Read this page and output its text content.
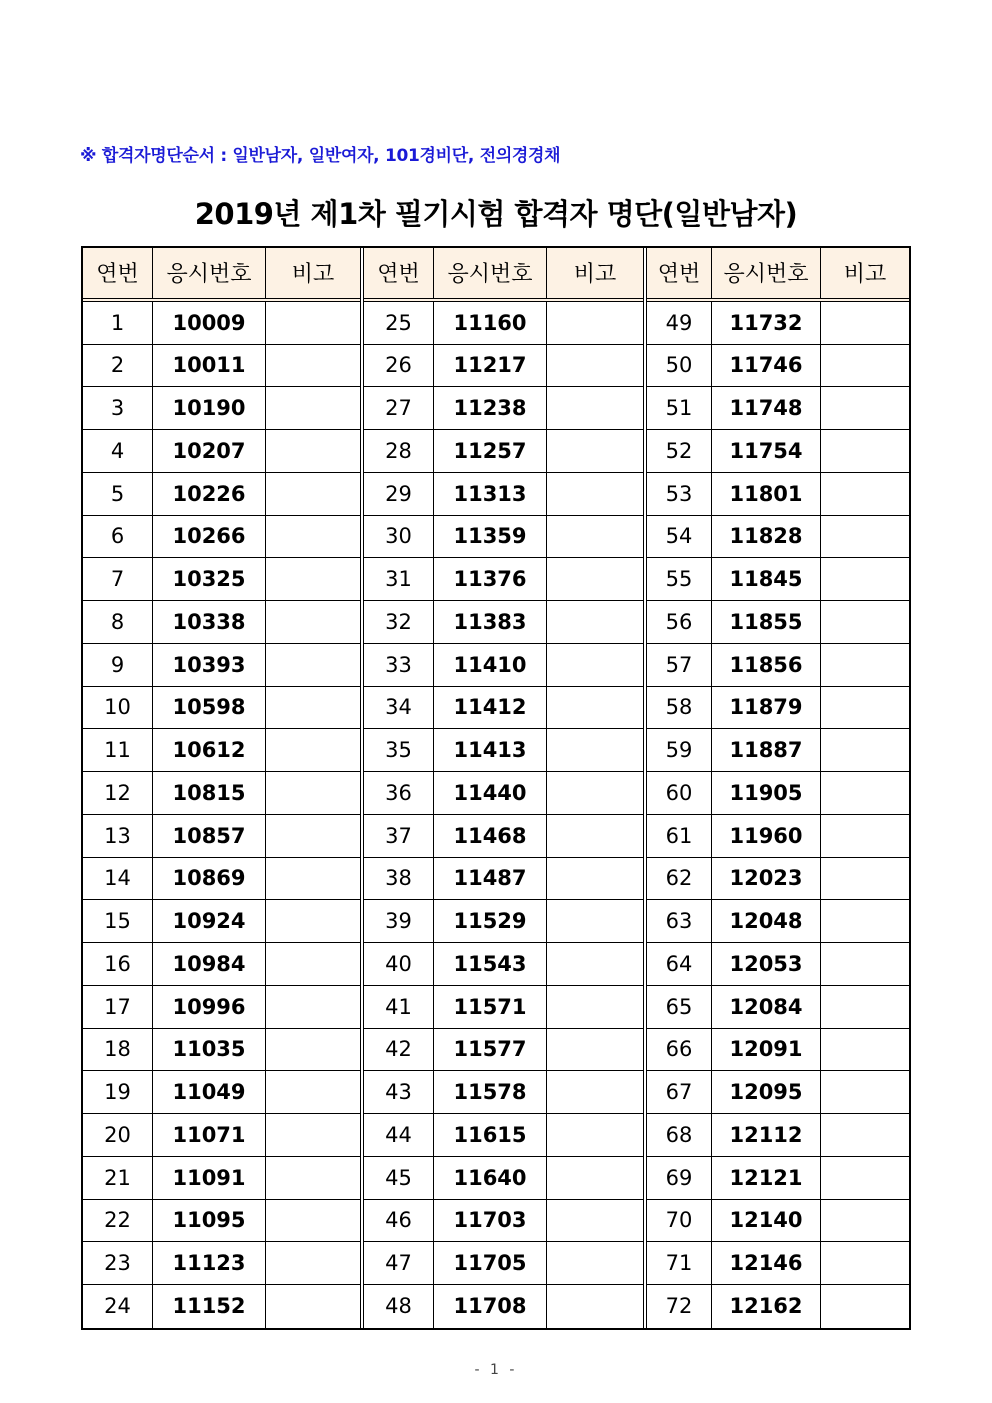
※ 합격자명단순서 : 일반남자, 일반여자, 101경비단, 전의경경채
2019년 제1차 필기시험 합격자 명단(일반남자)
연번	응시번호	비고
1	10009
2	10011
3	10190
4	10207
5	10226
6	10266
7	10325
8	10338
9	10393
10	10598
11	10612
12	10815
13	10857
14	10869
15	10924
16	10984
17	10996
18	11035
19	11049
20	11071
21	11091
22	11095
23	11123
24	11152
연번	응시번호	비고
25	11160
26	11217
27	11238
28	11257
29	11313
30	11359
31	11376
32	11383
33	11410
34	11412
35	11413
36	11440
37	11468
38	11487
39	11529
40	11543
41	11571
42	11577
43	11578
44	11615
45	11640
46	11703
47	11705
48	11708
연번	응시번호	비고
49	11732
50	11746
51	11748
52	11754
53	11801
54	11828
55	11845
56	11855
57	11856
58	11879
59	11887
60	11905
61	11960
62	12023
63	12048
64	12053
65	12084
66	12091
67	12095
68	12112
69	12121
70	12140
71	12146
72	12162
- 1 -
